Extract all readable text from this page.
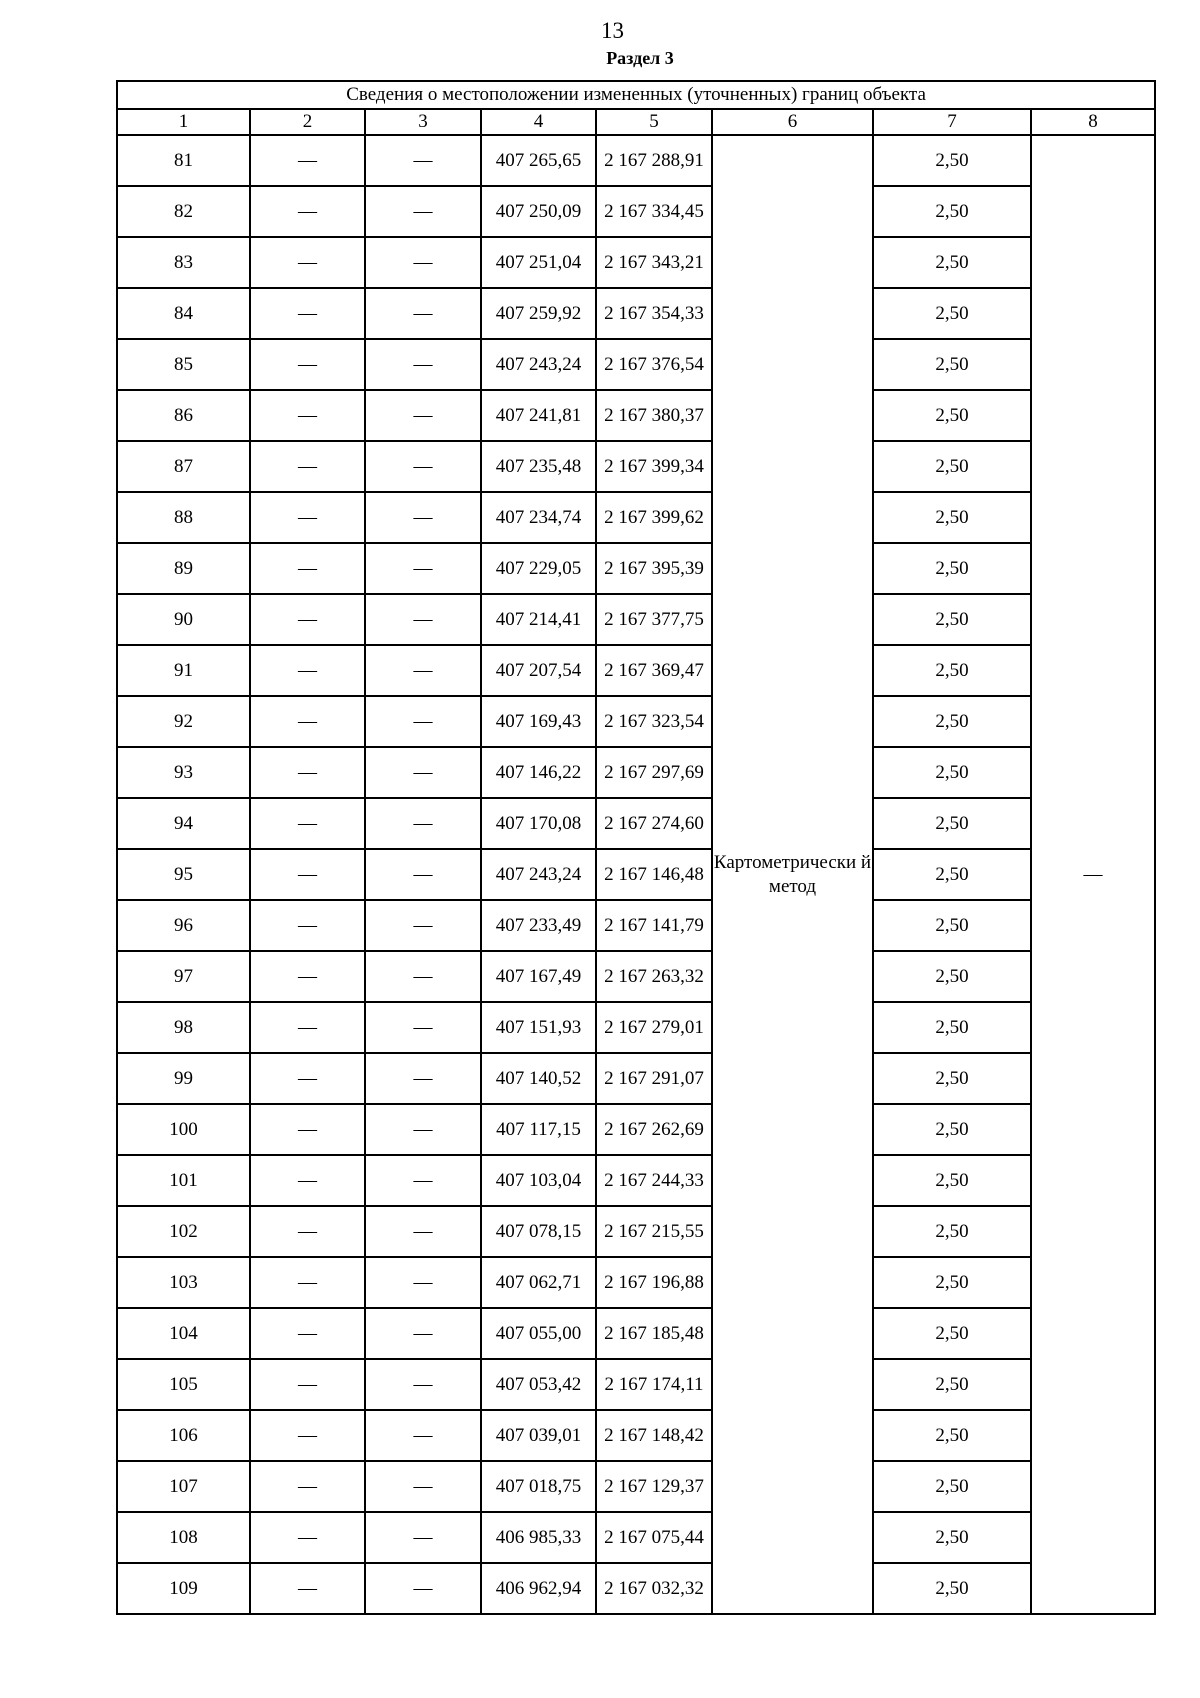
13
Раздел 3
Сведения о местоположении измененных (уточненных) границ объекта							
1	2	3	4	5	6	7	8
81	—	—	407 265,65	2 167 288,91	Картометрически й метод	2,50	—
82	—	—	407 250,09	2 167 334,45		2,50	
83	—	—	407 251,04	2 167 343,21		2,50	
84	—	—	407 259,92	2 167 354,33		2,50	
85	—	—	407 243,24	2 167 376,54		2,50	
86	—	—	407 241,81	2 167 380,37		2,50	
87	—	—	407 235,48	2 167 399,34		2,50	
88	—	—	407 234,74	2 167 399,62		2,50	
89	—	—	407 229,05	2 167 395,39		2,50	
90	—	—	407 214,41	2 167 377,75		2,50	
91	—	—	407 207,54	2 167 369,47		2,50	
92	—	—	407 169,43	2 167 323,54		2,50	
93	—	—	407 146,22	2 167 297,69		2,50	
94	—	—	407 170,08	2 167 274,60		2,50	
95	—	—	407 243,24	2 167 146,48		2,50	
96	—	—	407 233,49	2 167 141,79		2,50	
97	—	—	407 167,49	2 167 263,32		2,50	
98	—	—	407 151,93	2 167 279,01		2,50	
99	—	—	407 140,52	2 167 291,07		2,50	
100	—	—	407 117,15	2 167 262,69		2,50	
101	—	—	407 103,04	2 167 244,33		2,50	
102	—	—	407 078,15	2 167 215,55		2,50	
103	—	—	407 062,71	2 167 196,88		2,50	
104	—	—	407 055,00	2 167 185,48		2,50	
105	—	—	407 053,42	2 167 174,11		2,50	
106	—	—	407 039,01	2 167 148,42		2,50	
107	—	—	407 018,75	2 167 129,37		2,50	
108	—	—	406 985,33	2 167 075,44		2,50	
109	—	—	406 962,94	2 167 032,32		2,50	
